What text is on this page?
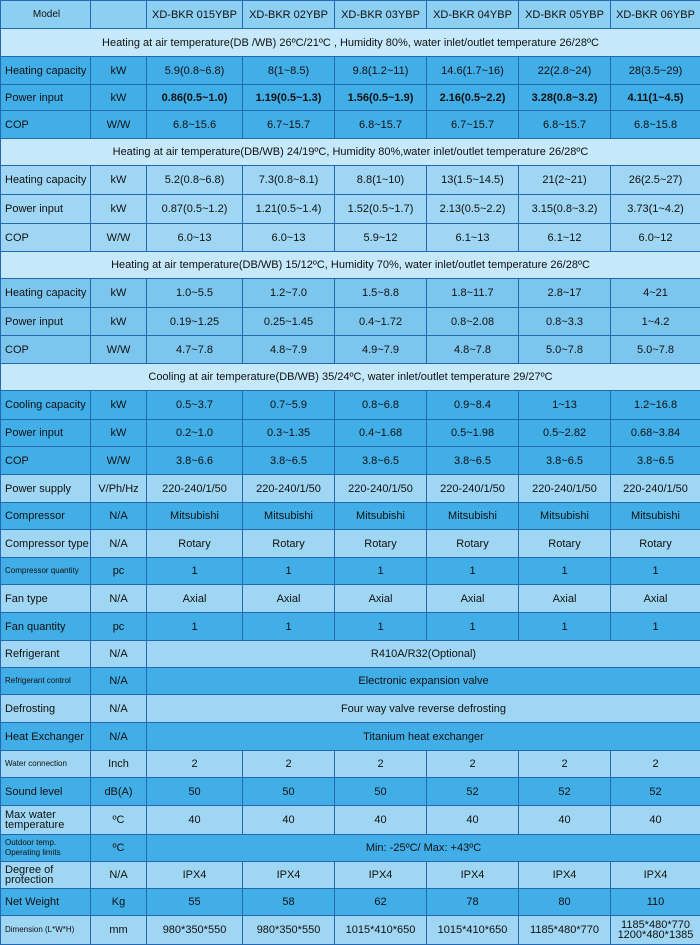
Model		XD-BKR 015YBP	XD-BKR 02YBP	XD-BKR 03YBP	XD-BKR 04YBP	XD-BKR 05YBP	XD-BKR 06YBP
Heating at air temperature(DB /WB) 26ºC/21ºC , Humidity 80%, water inlet/outlet temperature 26/28ºC							
Heating capacity	kW	5.9(0.8~6.8)	8(1~8.5)	9.8(1.2~11)	14.6(1.7~16)	22(2.8~24)	28(3.5~29)
Power input	kW	0.86(0.5~1.0)	1.19(0.5~1.3)	1.56(0.5~1.9)	2.16(0.5~2.2)	3.28(0.8~3.2)	4.11(1~4.5)
COP	W/W	6.8~15.6	6.7~15.7	6.8~15.7	6.7~15.7	6.8~15.7	6.8~15.8
Heating at air temperature(DB/WB) 24/19ºC, Humidity 80%,water inlet/outlet temperature 26/28ºC							
Heating capacity	kW	5.2(0.8~6.8)	7.3(0.8~8.1)	8.8(1~10)	13(1.5~14.5)	21(2~21)	26(2.5~27)
Power input	kW	0.87(0.5~1.2)	1.21(0.5~1.4)	1.52(0.5~1.7)	2.13(0.5~2.2)	3.15(0.8~3.2)	3.73(1~4.2)
COP	W/W	6.0~13	6.0~13	5.9~12	6.1~13	6.1~12	6.0~12
Heating at air temperature(DB/WB) 15/12ºC, Humidity 70%, water inlet/outlet temperature 26/28ºC							
Heating capacity	kW	1.0~5.5	1.2~7.0	1.5~8.8	1.8~11.7	2.8~17	4~21
Power input	kW	0.19~1.25	0.25~1.45	0.4~1.72	0.8~2.08	0.8~3.3	1~4.2
COP	W/W	4.7~7.8	4.8~7.9	4.9~7.9	4.8~7.8	5.0~7.8	5.0~7.8
Cooling at air temperature(DB/WB) 35/24ºC, water inlet/outlet temperature 29/27ºC							
Cooling capacity	kW	0.5~3.7	0.7~5.9	0.8~6.8	0.9~8.4	1~13	1.2~16.8
Power input	kW	0.2~1.0	0.3~1.35	0.4~1.68	0.5~1.98	0.5~2.82	0.68~3.84
COP	W/W	3.8~6.6	3.8~6.5	3.8~6.5	3.8~6.5	3.8~6.5	3.8~6.5
Power supply	V/Ph/Hz	220-240/1/50	220-240/1/50	220-240/1/50	220-240/1/50	220-240/1/50	220-240/1/50
Compressor	N/A	Mitsubishi	Mitsubishi	Mitsubishi	Mitsubishi	Mitsubishi	Mitsubishi
Compressor type	N/A	Rotary	Rotary	Rotary	Rotary	Rotary	Rotary
Compressor quantity	pc	1	1	1	1	1	1
Fan type	N/A	Axial	Axial	Axial	Axial	Axial	Axial
Fan quantity	pc	1	1	1	1	1	1
Refrigerant	N/A	R410A/R32(Optional)					
Refrigerant control	N/A	Electronic expansion valve					
Defrosting	N/A	Four way valve reverse defrosting					
Heat Exchanger	N/A	Titanium heat exchanger					
Water connection	Inch	2	2	2	2	2	2
Sound level	dB(A)	50	50	50	52	52	52
Max water temperature	ºC	40	40	40	40	40	40
Outdoor temp. Operating limits	ºC	Min: -25ºC/ Max: +43ºC					
Degree of protection	N/A	IPX4	IPX4	IPX4	IPX4	IPX4	IPX4
Net Weight	Kg	55	58	62	78	80	110
Dimension (L*W*H)	mm	980*350*550	980*350*550	1015*410*650	1015*410*650	1185*480*770	1185*480*770 1200*480*1385
